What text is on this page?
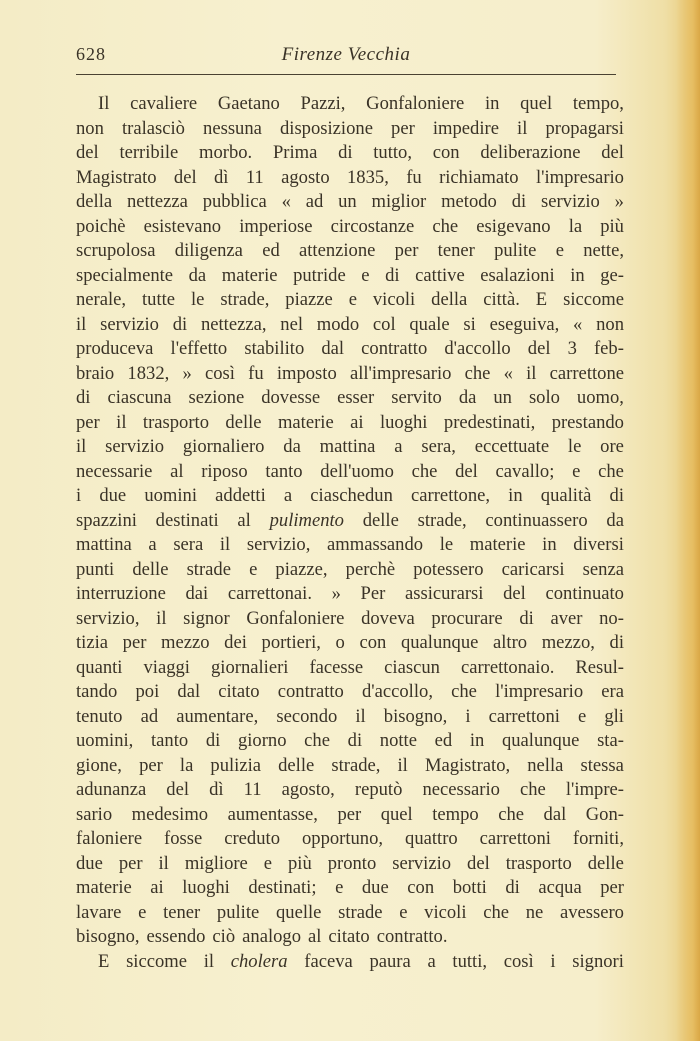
628	Firenze Vecchia
Il cavaliere Gaetano Pazzi, Gonfaloniere in quel tempo,
non tralasciò nessuna disposizione per impedire il propagarsi
del terribile morbo. Prima di tutto, con deliberazione del
Magistrato del dì 11 agosto 1835, fu richiamato l'impresario
della nettezza pubblica « ad un miglior metodo di servizio »
poichè esistevano imperiose circostanze che esigevano la più
scrupolosa diligenza ed attenzione per tener pulite e nette,
specialmente da materie putride e di cattive esalazioni in ge-
nerale, tutte le strade, piazze e vicoli della città. E siccome
il servizio di nettezza, nel modo col quale si eseguiva, « non
produceva l'effetto stabilito dal contratto d'accollo del 3 feb-
braio 1832, » così fu imposto all'impresario che « il carrettone
di ciascuna sezione dovesse esser servito da un solo uomo,
per il trasporto delle materie ai luoghi predestinati, prestando
il servizio giornaliero da mattina a sera, eccettuate le ore
necessarie al riposo tanto dell'uomo che del cavallo; e che
i due uomini addetti a ciaschedun carrettone, in qualità di
spazzini destinati al pulimento delle strade, continuassero da
mattina a sera il servizio, ammassando le materie in diversi
punti delle strade e piazze, perchè potessero caricarsi senza
interruzione dai carrettonai. » Per assicurarsi del continuato
servizio, il signor Gonfaloniere doveva procurare di aver no-
tizia per mezzo dei portieri, o con qualunque altro mezzo, di
quanti viaggi giornalieri facesse ciascun carrettonaio. Resul-
tando poi dal citato contratto d'accollo, che l'impresario era
tenuto ad aumentare, secondo il bisogno, i carrettoni e gli
uomini, tanto di giorno che di notte ed in qualunque sta-
gione, per la pulizia delle strade, il Magistrato, nella stessa
adunanza del dì 11 agosto, reputò necessario che l'impre-
sario medesimo aumentasse, per quel tempo che dal Gon-
faloniere fosse creduto opportuno, quattro carrettoni forniti,
due per il migliore e più pronto servizio del trasporto delle
materie ai luoghi destinati; e due con botti di acqua per
lavare e tener pulite quelle strade e vicoli che ne avessero
bisogno, essendo ciò analogo al citato contratto.
E siccome il cholera faceva paura a tutti, così i signori
